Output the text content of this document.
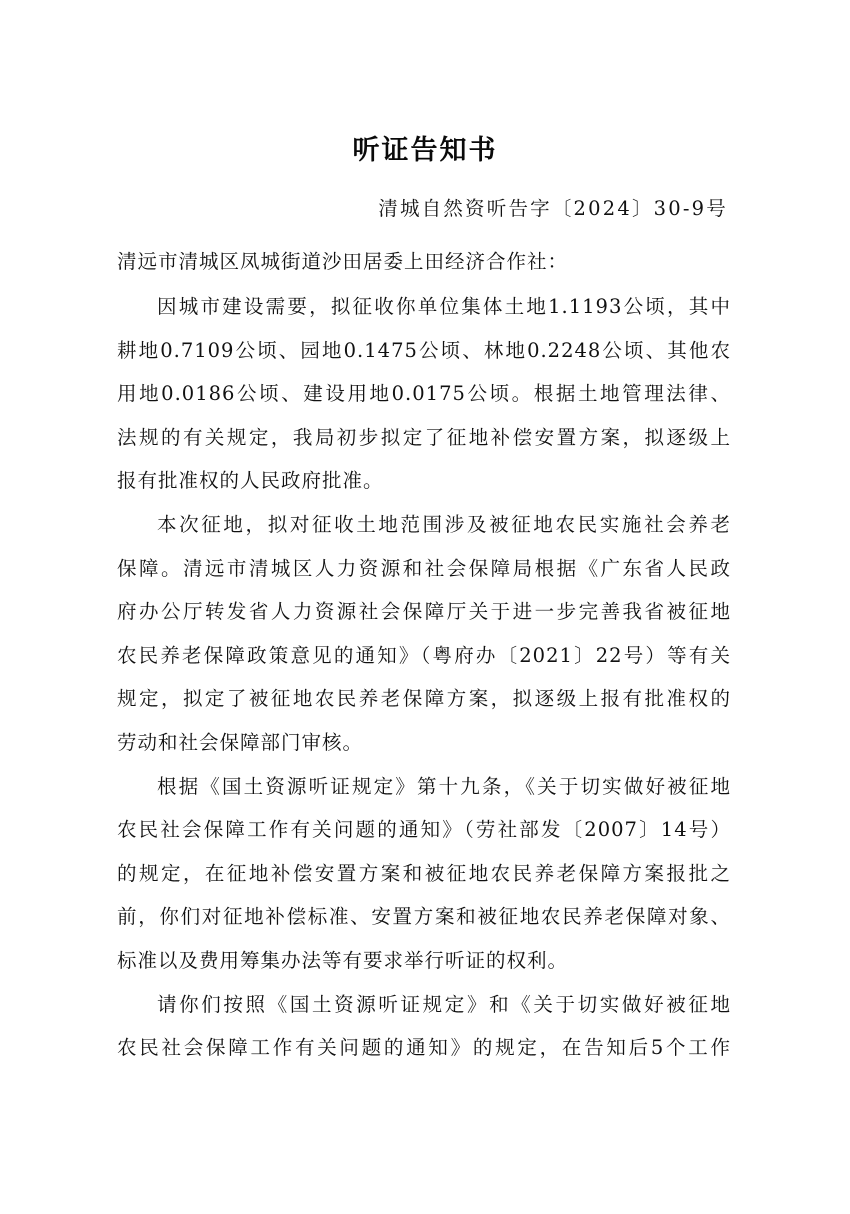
听证告知书
清城自然资听告字〔2024〕30-9号
清远市清城区凤城街道沙田居委上田经济合作社：
因城市建设需要，拟征收你单位集体土地1.1193公顷，其中
耕地0.7109公顷、园地0.1475公顷、林地0.2248公顷、其他农
用地0.0186公顷、建设用地0.0175公顷。根据土地管理法律、
法规的有关规定，我局初步拟定了征地补偿安置方案，拟逐级上
报有批准权的人民政府批准。
本次征地，拟对征收土地范围涉及被征地农民实施社会养老
保障。清远市清城区人力资源和社会保障局根据《广东省人民政
府办公厅转发省人力资源社会保障厅关于进一步完善我省被征地
农民养老保障政策意见的通知》（粤府办〔2021〕22号）等有关
规定，拟定了被征地农民养老保障方案，拟逐级上报有批准权的
劳动和社会保障部门审核。
根据《国土资源听证规定》第十九条，《关于切实做好被征地
农民社会保障工作有关问题的通知》（劳社部发〔2007〕14号）
的规定，在征地补偿安置方案和被征地农民养老保障方案报批之
前，你们对征地补偿标准、安置方案和被征地农民养老保障对象、
标准以及费用筹集办法等有要求举行听证的权利。
请你们按照《国土资源听证规定》和《关于切实做好被征地
农民社会保障工作有关问题的通知》的规定，在告知后5个工作
